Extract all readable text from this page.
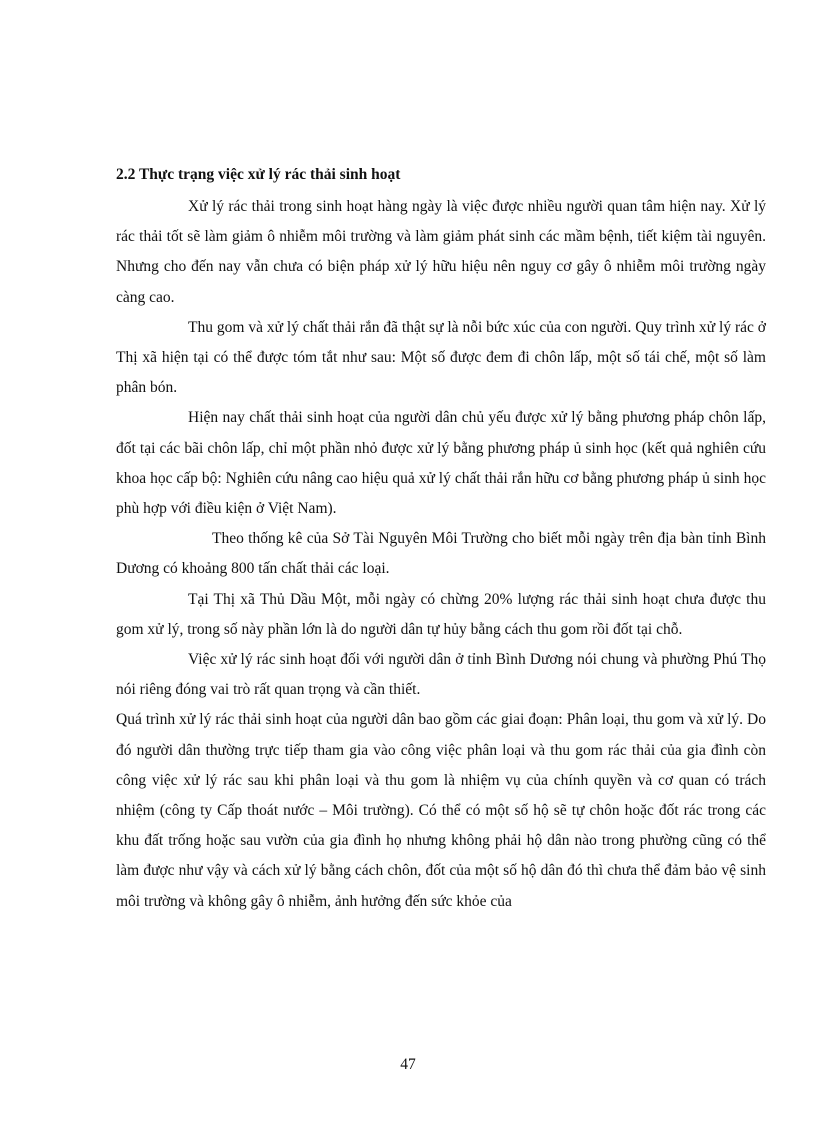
2.2 Thực trạng việc xử lý rác thải sinh hoạt

Xử lý rác thải trong sinh hoạt hàng ngày là việc được nhiều người quan tâm hiện nay. Xử lý rác thải tốt sẽ làm giảm ô nhiễm môi trường và làm giảm phát sinh các mầm bệnh, tiết kiệm tài nguyên. Nhưng cho đến nay vẫn chưa có biện pháp xử lý hữu hiệu nên nguy cơ gây ô nhiễm môi trường ngày càng cao.

Thu gom và xử lý chất thải rắn đã thật sự là nỗi bức xúc của con người. Quy trình xử lý rác ở Thị xã hiện tại có thể được tóm tắt như sau: Một số được đem đi chôn lấp, một số tái chế, một số làm phân bón.

Hiện nay chất thải sinh hoạt của người dân chủ yếu được xử lý bằng phương pháp chôn lấp, đốt tại các bãi chôn lấp, chỉ một phần nhỏ được xử lý bằng phương pháp ủ sinh học (kết quả nghiên cứu khoa học cấp bộ: Nghiên cứu nâng cao hiệu quả xử lý chất thải rắn hữu cơ bằng phương pháp ủ sinh học phù hợp với điều kiện ở Việt Nam).

Theo thống kê của Sở Tài Nguyên Môi Trường cho biết mỗi ngày trên địa bàn tỉnh Bình Dương có khoảng 800 tấn chất thải các loại.

Tại Thị xã Thủ Dầu Một, mỗi ngày có chừng 20% lượng rác thải sinh hoạt chưa được thu gom xử lý, trong số này phần lớn là do người dân tự hủy bằng cách thu gom rồi đốt tại chỗ.

Việc xử lý rác sinh hoạt đối với người dân ở tỉnh Bình Dương nói chung và phường Phú Thọ nói riêng đóng vai trò rất quan trọng và cần thiết.

Quá trình xử lý rác thải sinh hoạt của người dân bao gồm các giai đoạn: Phân loại, thu gom và xử lý. Do đó người dân thường trực tiếp tham gia vào công việc phân loại và thu gom rác thải của gia đình còn công việc xử lý rác sau khi phân loại và thu gom là nhiệm vụ của chính quyền và cơ quan có trách nhiệm (công ty Cấp thoát nước – Môi trường). Có thể có một số hộ sẽ tự chôn hoặc đốt rác trong các khu đất trống hoặc sau vườn của gia đình họ nhưng không phải hộ dân nào trong phường cũng có thể làm được như vậy và cách xử lý bằng cách chôn, đốt của một số hộ dân đó thì chưa thể đảm bảo vệ sinh môi trường và không gây ô nhiễm, ảnh hưởng đến sức khỏe của

47
